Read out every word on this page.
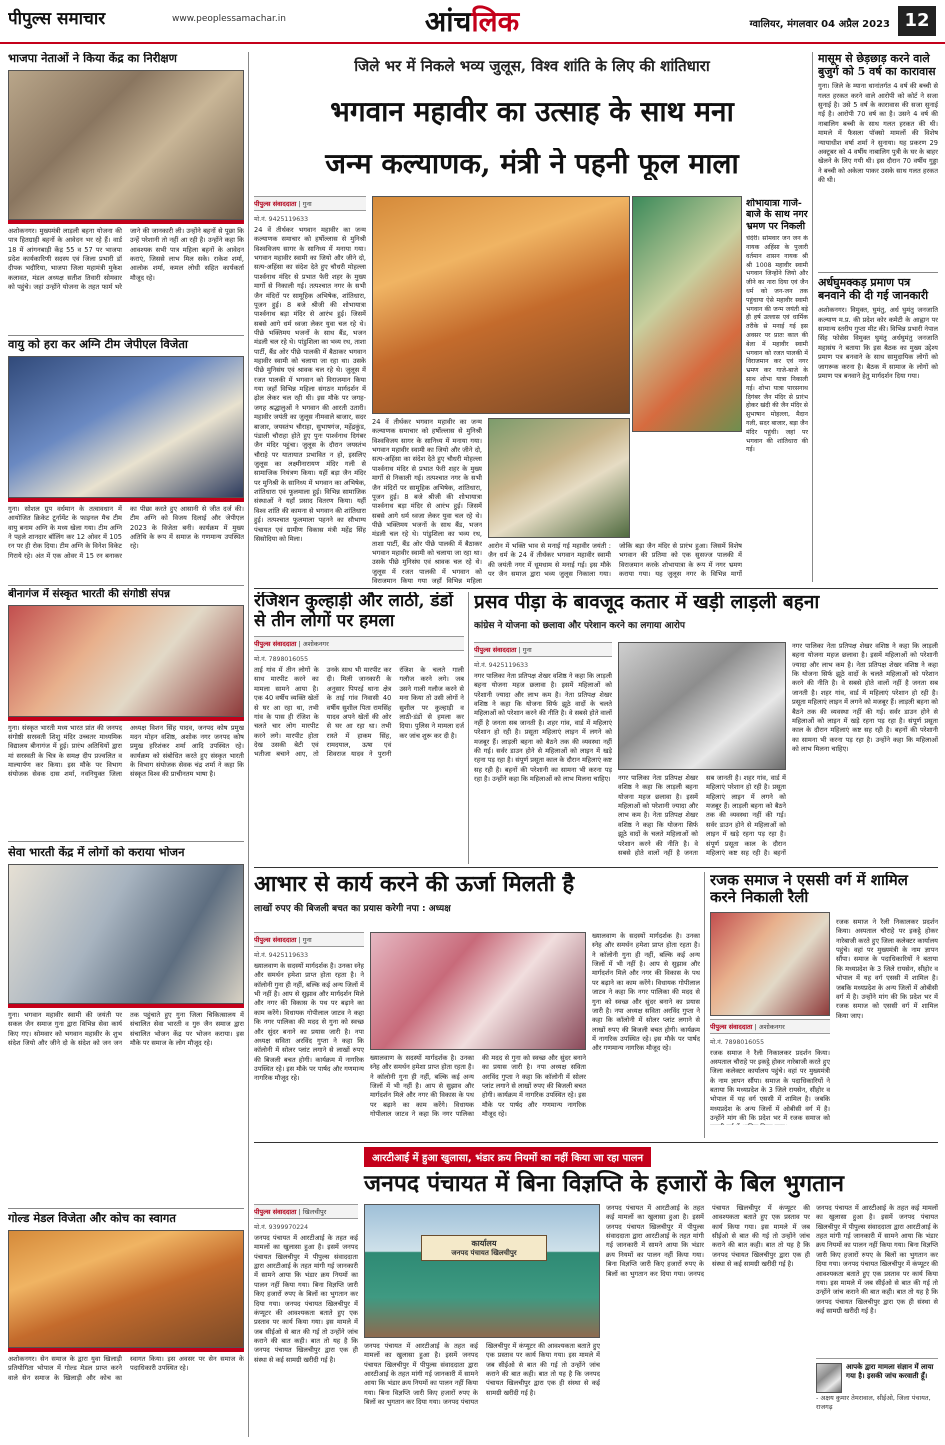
पीपुल्स समाचार	www.peoplessamachar.in	आंचलिक	ग्वालियर, मंगलवार 04 अप्रैल 2023 12
भाजपा नेताओं ने किया केंद्र का निरीक्षण
अशोकनगर। मुख्यमंत्री लाड़ली बहना योजना की पात्र हितग्राही बहनों के आवेदन भर रहे हैं। वार्ड 18 में आंगनबाड़ी केंद्र 55 व 57 पर भाजपा प्रदेश कार्यकारिणी सदस्य एवं जिला प्रभारी डॉ दीपक भदौरिया, भाजपा जिला महामंत्री मुकेश कलावत, मंडल अध्यक्ष सतीश तिवारी सोमवार को पहुंचे। जहां उन्होंने योजना के तहत फार्म भरे जाने की जानकारी ली। उन्होंने बहनों से पूछा कि उन्हें परेशानी तो नहीं आ रही है। उन्होंने कहा कि आवश्यक सभी पात्र महिला बहनों के आवेदन कराएं, जिससे लाभ मिल सके। राकेश शर्मा, आलोक शर्मा, कमल लोधी सहित कार्यकर्ता मौजूद रहे।
वायु को हरा कर अग्नि टीम जेपीएल विजेता
गुना। सोशल ग्रुप वर्धमान के तत्वावधान में आयोजित क्रिकेट टूर्नामेंट के फाइनल मैच टीम वायु बनाम अग्नि के मध्य खेला गया। टीम अग्नि ने पहले शानदार बॉलिंग कर 12 ओवर में 105 रन पर ही रोक दिया। टीम अग्नि के विनेश विकेट गिराये रहे। अंत में एक ओवर में 15 रन बनाकर का पीछा करते हुए आसानी से जीत दर्ज की। टीम अग्नि को विजय दिलाई और जेपीएल 2023 के विजेता बनी। कार्यक्रम में मुख्य अतिथि के रूप में समाज के गणमान्य उपस्थित रहे।
बीनागंज में संस्कृत भारती की संगोष्ठी संपन्न
गुना। संस्कृत भारती मध्य भारत प्रांत की जनपद संगोष्ठी सरस्वती शिशु मंदिर उच्चतर माध्यमिक विद्यालय बीनागंज में हुई। प्रारंभ अतिथियों द्वारा मां सरस्वती के चित्र के समक्ष दीप प्रज्वलित व माल्यार्पण कर किया। इस मौके पर विभाग संयोजक सेवक दास शर्मा, नवनियुक्त जिला अध्यक्ष विशन सिंह यादव, जनपद कोष प्रमुख मदन मोहन वशिष्ठ, अशोक नगर जनपद कोष प्रमुख हरिशंकर शर्मा आदि उपस्थित रहे। कार्यक्रम को संबोधित करते हुए संस्कृत भारती के विभाग संयोजक सेवक चंद्र शर्मा ने कहा कि संस्कृत विश्व की प्राचीनतम भाषा है।
सेवा भारती केंद्र में लोगों को कराया भोजन
गुना। भगवान महावीर स्वामी की जयंती पर सकल जैन समाज गुना द्वारा विभिन्न सेवा कार्य किए गए। सोमवार को भगवान महावीर के शुभ संदेश जियो और जीने दो के संदेश को जन जन तक पहुंचाते हुए गुना जिला चिकित्सालय में संचालित सेवा भारती व गुरु जैन समाज द्वारा संचालित भोजन केंद्र पर भोजन कराया। इस मौके पर समाज के लोग मौजूद रहे।
गोल्ड मेडल विजेता और कोच का स्वागत
अशोकनगर। सेन समाज के द्वारा युवा खिलाड़ी प्रतियोगिता भोपाल में गोल्ड मेडल प्राप्त करने वाले सेन समाज के खिलाड़ी और कोच का स्वागत किया। इस अवसर पर सेन समाज के पदाधिकारी उपस्थित रहे।
जिले भर में निकले भव्य जुलूस, विश्व शांति के लिए की शांतिधारा
भगवान महावीर का उत्साह के साथ मना
जन्म कल्याणक, मंत्री ने पहनी फूल माला
पीपुल्स संवाददाता | गुना
मो.नं. 9425119633
24 वें तीर्थकर भगवान महावीर का जन्म कल्याणक समाचार को हर्षोल्लास से मुनिश्री विश्वविजय सागर के सानिध्य में मनाया गया। भगवान महावीर स्वामी का जियो और जीने दो, सत्य-अहिंसा का संदेश देते हुए चौधरी मोहल्ला पार्श्वनाथ मंदिर से प्रभात फेरी शहर के मुख्य मार्गो से निकाली गई। तत्पश्चात नगर के सभी जैन मंदिरों पर सामूहिक अभिषेक, शांतिधारा, पूजन हुई। 8 बजे श्रीजी की शोभायात्रा पार्श्वनाथ बड़ा मंदिर से आरंभ हुई। जिसमें सबसे आगे धर्म ध्वजा लेकर युवा चल रहे थे। पीछे भक्तिमय भजनों के साथ बैंड, भजन मंडली चल रहे थे। पांडुशिला का भव्य रथ, ताशा पार्टी, बैंड ओर पीछे पालकी में बैठाकर भगवान महावीर स्वामी को चलाया जा रहा था। उसके पीछे मुनिसंघ एवं श्रावक चल रहे थे। जुलूस में रजत पालकी में भगवान को विराजमान किया गया जहाँ विभिन्न महिला संगठन मार्गदर्शन में ढ़ोल लेकर चल रही थी। इस मौके पर जगह-जगह श्रद्धालुओं ने भगवान की आरती उतारी। महावीर जयंती का जुलूस नीमवाले बाजार, सदर बाजार, जयस्तंभ चौराहा, सुभाषगंज, महेंद्रकुंड, पंडाली चौराहा होते हुए पुनः पार्श्वनाथ दिगंबर जैन मंदिर पहुंचा। जुलूस के दौरान जयस्तंभ चौराहे पर यातायात प्रभावित न हो, इसलिए जुलूस का लक्ष्मीनारायण मंदिर गली से सामाजिक नियंत्रण किया। यहीं बड़ा जैन मंदिर पर मुनिश्री के सानिध्य में भगवान का अभिषेक, शांतिधारा एवं फूलमाला हुई। विभिन्न सामाजिक संस्थाओं ने यहाँ प्रसाद वितरण किया। यहीं विश्व शांति की कामना से भगवान की शांतिधारा हुई। तत्पश्चात फूलमाला पहनने का सौभाग्य पंचायत एवं ग्रामीण विकास मंत्री महेंद्र सिंह सिसोदिया को मिला।
24 वें तीर्थकर भगवान महावीर का जन्म कल्याणक समाचार को हर्षोल्लास से मुनिश्री विश्वविजय सागर के सानिध्य में मनाया गया। भगवान महावीर स्वामी का जियो और जीने दो, सत्य-अहिंसा का संदेश देते हुए चौधरी मोहल्ला पार्श्वनाथ मंदिर से प्रभात फेरी शहर के मुख्य मार्गो से निकाली गई। तत्पश्चात नगर के सभी जैन मंदिरों पर सामूहिक अभिषेक, शांतिधारा, पूजन हुई। 8 बजे श्रीजी की शोभायात्रा पार्श्वनाथ बड़ा मंदिर से आरंभ हुई। जिसमें सबसे आगे धर्म ध्वजा लेकर युवा चल रहे थे। पीछे भक्तिमय भजनों के साथ बैंड, भजन मंडली चल रहे थे। पांडुशिला का भव्य रथ, ताशा पार्टी, बैंड ओर पीछे पालकी में बैठाकर भगवान महावीर स्वामी को चलाया जा रहा था। उसके पीछे मुनिसंघ एवं श्रावक चल रहे थे। जुलूस में रजत पालकी में भगवान को विराजमान किया गया जहाँ विभिन्न महिला
आरोन में भक्ति भाव से मनाई गई महावीर जयंती : जैन धर्म के 24 वें तीर्थंकर भगवान महावीर स्वामी की जयंती नगर में धूमधाम से मनाई गई। इस मौके पर जैन समाज द्वारा भव्य जुलूस निकाला गया। जोकि बड़ा जैन मंदिर से प्रारंभ हुआ। जिसमें विशेष भगवान की प्रतिमा को एक सुसज्ज पालकी में विराजमान करके शोभायात्रा के रूप में नगर भ्रमण कराया गया। यह जुलूस नगर के विभिन्न मार्गो
शोभायात्रा गाजे-बाजे के साथ नगर भ्रमण पर निकली
चंदेरी। सोमवार जन जन के नायक अहिंसा के पुजारी वर्तमान शासन नायक श्री श्री 1008 महावीर स्वामी भगवान जिन्होंने जियो और जीने का नारा दिया एवं जैन धर्म को जन-जन तक पहुंचाया ऐसे महावीर स्वामी भगवान की जन्म जयंती बड़े ही हर्ष उल्लास एवं धार्मिक तरीके से मनाई गई इस अवसर पर प्रातः काल की बेला में महावीर स्वामी भगवान को रजत पालकी में विराजमान कर एवं नगर भ्रमण कर गाजे-बाजे के साथ शोभा यात्रा निकाली गई। शोभा यात्रा पारसनाथ दिगंबर जैन मंदिर से प्रारंभ होकर खंदी की जैन मंदिर से सुभाषान मोहल्ला, मैदान गली, सदर बाजार, बड़ा जैन मंदिर पहुंची। जहां पर भगवान की शांतिधारा की गई।
मासूम से छेड़छाड़ करने वाले बुजुर्ग को 5 वर्ष का कारावास
गुना। जिले के म्याना थानांतर्गत 4 वर्ष की बच्ची से गलत हरकत करने वाले आरोपी को कोर्ट ने सजा सुनाई है। उसे 5 वर्ष के कारावास की सजा सुनाई गई है। आरोपी 70 वर्ष का है। उसने 4 वर्ष की नाबालिग बच्ची के साथ गलत हरकत की थी। मामले में फैसला पॉक्सो मामलों की विशेष न्यायाधीश वर्षा शर्मा ने सुनाया। यह प्रकरण 29 अक्टूबर को 4 वर्षीय नाबालिग पुत्री के घर के बाहर खेलने के लिए गयी थी। इस दौरान 70 वर्षीय गुड्डा ने बच्ची को अकेला पाकर उसके साथ गलत हरकत की थी।
अर्धघुमक्कड़ प्रमाण पत्र बनवाने की दी गई जानकारी
अशोकनगर। विमुक्त, घुमंतु, अर्ध घुमंतु जनजाति कल्याण म.प्र. की प्रदेश कोर कमेटी के आह्वान पर सामान्य स्तरीय गुप्ता मीट की। विभिन्न प्रभारी नेपाल सिंह फोसेस विमुक्त घुमंतु अर्धघुमंतु जनजाति महासंघ ने बताया कि इस बैठक का मुख्य उद्देश्य प्रमाण पत्र बनवाने के साथ सामुदायिक लोगों को जागरूक करना है। बैठक में सामाज के लोगों को प्रमाण पत्र बनवाने हेतु मार्गदर्शन दिया गया।
रंजिशन कुल्हाड़ी और लाठी, डंडों से तीन लोगों पर हमला
पीपुल्स संवाददाता | अशोकनगर
मो.नं. 7898016055
ताई गांव में तीन लोगों के साथ मारपीट करने का मामला सामने आया है। एक 40 वर्षीय व्यक्ति खेतों से घर आ रहा था, तभी गांव के पास ही रंजिश के चलते चार लोग मारपीट करने लगे। मारपीट होता देख उसकी बेटी एवं भतीजा बचाने आए, तो उनके साथ भी मारपीट कर दी। मिली जानकारी के अनुसार पिपरई थाना क्षेत्र के ताई गांव निवासी 40 वर्षीय सुशील पिता रामसिंह यादव अपने खेतों की ओर से घर आ रहा था। तभी रास्ते में हाकम सिंह, रामदयाल, ऊषा एवं शिवराज यादव ने पुरानी रंजिश के चलते गाली गलौज करने लगे। जब उसने गाली गलौज करने से मना किया तो उसी लोगों ने सुशील पर कुल्हाड़ी व लाठी-डंडों से हमला कर दिया। पुलिस ने मामला दर्ज कर जांच शुरू कर दी है।
प्रसव पीड़ा के बावजूद कतार में खड़ी लाड़ली बहना
कांग्रेस ने योजना को छलावा और परेशान करने का लगाया आरोप
पीपुल्स संवाददाता | गुना
मो.नं. 9425119633
नगर पालिका नेता प्रतिपक्ष शेखर वशिष्ठ ने कहा कि लाड़ली बहना योजना महज छलावा है। इसमें महिलाओं को परेशानी ज्यादा और लाभ कम है। नेता प्रतिपक्ष शेखर वशिष्ठ ने कहा कि योजना सिर्फ झूठे वादों के चलते महिलाओं को परेशान करने की नीति है। वे सबसे होते वालों नहीं है जनता सब जानती है। शहर गांव, वार्ड में महिलाएं परेशान हो रही है। प्रसूता महिलाएं लाइन में लगने को मजबूर हैं। लाड़ली बहना को बैठने तक की व्यवस्था नहीं की गई। सर्वर डाउन होने से महिलाओं को लाइन में खड़े रहना पड़ रहा है। संपूर्ण प्रसूता काल के दौरान महिलाएं कष्ट सह रही है। बहनों की परेशानी का सामना भी करना पड़ रहा है। उन्होंने कहा कि महिलाओं को लाभ मिलना चाहिए।
नगर पालिका नेता प्रतिपक्ष शेखर वशिष्ठ ने कहा कि लाड़ली बहना योजना महज छलावा है। इसमें महिलाओं को परेशानी ज्यादा और लाभ कम है। नेता प्रतिपक्ष शेखर वशिष्ठ ने कहा कि योजना सिर्फ झूठे वादों के चलते महिलाओं को परेशान करने की नीति है। वे सबसे होते वालों नहीं है जनता सब जानती है। शहर गांव, वार्ड में महिलाएं परेशान हो रही है। प्रसूता महिलाएं लाइन में लगने को मजबूर हैं। लाड़ली बहना को बैठने तक की व्यवस्था नहीं की गई। सर्वर डाउन होने से महिलाओं को लाइन में खड़े रहना पड़ रहा है। संपूर्ण प्रसूता काल के दौरान महिलाएं कष्ट सह रही है। बहनों की परेशानी का सामना भी करना पड़ रहा है। उन्होंने कहा कि महिलाओं को लाभ मिलना चाहिए।
नगर पालिका नेता प्रतिपक्ष शेखर वशिष्ठ ने कहा कि लाड़ली बहना योजना महज छलावा है। इसमें महिलाओं को परेशानी ज्यादा और लाभ कम है। नेता प्रतिपक्ष शेखर वशिष्ठ ने कहा कि योजना सिर्फ झूठे वादों के चलते महिलाओं को परेशान करने की नीति है। वे सबसे होते वालों नहीं है जनता सब जानती है। शहर गांव, वार्ड में महिलाएं परेशान हो रही है। प्रसूता महिलाएं लाइन में लगने को मजबूर हैं। लाड़ली बहना को बैठने तक की व्यवस्था नहीं की गई। सर्वर डाउन होने से महिलाओं को लाइन में खड़े रहना पड़ रहा है। संपूर्ण प्रसूता काल के दौरान महिलाएं कष्ट सह रही है। बहनों
आभार से कार्य करने की ऊर्जा मिलती है
लाखों रुपए की बिजली बचत का प्रयास करेगी नपा : अध्यक्ष
पीपुल्स संवाददाता | गुना
मो.नं. 9425119633
ख्यालवाण के सदस्यों मार्गदर्शक है। उनका स्नेह और समर्थन हमेशा प्राप्त होता रहता है। ने कॉलोनी गुना ही नहीं, बल्कि कई अन्य जिलों में भी नहीं है। आप से सुझाव और मार्गदर्शन मिले और नगर की विकास के पथ पर बढ़ाने का काम करेंगे। विधायक गोपीलाल जाटव ने कहा कि नगर पालिका की मदद से गुना को स्वच्छ और सुंदर बनाने का प्रयास जारी है। नपा अध्यक्ष सविता अरविंद गुप्ता ने कहा कि कॉलोनी में सोलर प्लांट लगाने से लाखों रुपए की बिजली बचत होगी। कार्यक्रम में नागरिक उपस्थित रहे। इस मौके पर पार्षद और गणमान्य नागरिक मौजूद रहे।
ख्यालवाण के सदस्यों मार्गदर्शक है। उनका स्नेह और समर्थन हमेशा प्राप्त होता रहता है। ने कॉलोनी गुना ही नहीं, बल्कि कई अन्य जिलों में भी नहीं है। आप से सुझाव और मार्गदर्शन मिले और नगर की विकास के पथ पर बढ़ाने का काम करेंगे। विधायक गोपीलाल जाटव ने कहा कि नगर पालिका की मदद से गुना को स्वच्छ और सुंदर बनाने का प्रयास जारी है। नपा अध्यक्ष सविता अरविंद गुप्ता ने कहा कि कॉलोनी में सोलर प्लांट लगाने से लाखों रुपए की बिजली बचत होगी। कार्यक्रम में नागरिक उपस्थित रहे। इस मौके पर पार्षद और गणमान्य नागरिक मौजूद रहे।
ख्यालवाण के सदस्यों मार्गदर्शक है। उनका स्नेह और समर्थन हमेशा प्राप्त होता रहता है। ने कॉलोनी गुना ही नहीं, बल्कि कई अन्य जिलों में भी नहीं है। आप से सुझाव और मार्गदर्शन मिले और नगर की विकास के पथ पर बढ़ाने का काम करेंगे। विधायक गोपीलाल जाटव ने कहा कि नगर पालिका की मदद से गुना को स्वच्छ और सुंदर बनाने का प्रयास जारी है। नपा अध्यक्ष सविता अरविंद गुप्ता ने कहा कि कॉलोनी में सोलर प्लांट लगाने से लाखों रुपए की बिजली बचत होगी। कार्यक्रम में नागरिक उपस्थित रहे। इस मौके पर पार्षद और गणमान्य नागरिक मौजूद रहे।
रजक समाज ने एससी वर्ग में शामिल करने निकाली रैली
पीपुल्स संवाददाता | अशोकनगर
मो.नं. 7898016055
रजक समाज ने रैली निकालकर प्रदर्शन किया। अस्पताल चौराहे पर इकट्ठे होकर नारेबाजी करते हुए जिला कलेक्टर कार्यालय पहुंचे। वहां पर मुख्यमंत्री के नाम ज्ञापन सौंपा। समाज के पदाधिकारियों ने बताया कि मध्यप्रदेश के 3 जिले रायसेन, सीहोर व भोपाल में यह वर्ग एससी में शामिल है। जबकि मध्यप्रदेश के अन्य जिलों में ओबीसी वर्ग में है। उन्होंने मांग की कि प्रदेश भर में रजक समाज को
रजक समाज ने रैली निकालकर प्रदर्शन किया। अस्पताल चौराहे पर इकट्ठे होकर नारेबाजी करते हुए जिला कलेक्टर कार्यालय पहुंचे। वहां पर मुख्यमंत्री के नाम ज्ञापन सौंपा। समाज के पदाधिकारियों ने बताया कि मध्यप्रदेश के 3 जिले रायसेन, सीहोर व भोपाल में यह वर्ग एससी में शामिल है। जबकि मध्यप्रदेश के अन्य जिलों में ओबीसी वर्ग में है। उन्होंने मांग की कि प्रदेश भर में रजक समाज को एससी वर्ग में शामिल किया जाए।
आरटीआई में हुआ खुलासा, भंडार क्रय नियमों का नहीं किया जा रहा पालन
जनपद पंचायत में बिना विज्ञप्ति के हजारों के बिल भुगतान
पीपुल्स संवाददाता | खिलचीपुर
मो.नं. 9399970224
जनपद पंचायत में आरटीआई के तहत कई मामलों का खुलासा हुआ है। इसमें जनपद पंचायत खिलचीपुर में पीपुल्स संवाददाता द्वारा आरटीआई के तहत मांगी गई जानकारी में सामने आया कि भंडार क्रय नियमों का पालन नहीं किया गया। बिना विज्ञप्ति जारी किए हजारों रुपए के बिलों का भुगतान कर दिया गया। जनपद पंचायत खिलचीपुर में कंप्यूटर की आवश्यकता बताते हुए एक प्रस्ताव पर कार्य किया गया। इस मामले में जब सीईओ से बात की गई तो उन्होंने जांच कराने की बात कही। बात तो यह है कि जनपद पंचायत खिलचीपुर द्वारा एक ही संस्था से कई सामग्री खरीदी गई है।
कार्यालय
जनपद पंचायत खिलचीपुर
जनपद पंचायत में आरटीआई के तहत कई मामलों का खुलासा हुआ है। इसमें जनपद पंचायत खिलचीपुर में पीपुल्स संवाददाता द्वारा आरटीआई के तहत मांगी गई जानकारी में सामने आया कि भंडार क्रय नियमों का पालन नहीं किया गया। बिना विज्ञप्ति जारी किए हजारों रुपए के बिलों का भुगतान कर दिया गया। जनपद पंचायत खिलचीपुर में कंप्यूटर की आवश्यकता बताते हुए एक प्रस्ताव पर कार्य किया गया। इस मामले में जब सीईओ से बात की गई तो उन्होंने जांच कराने की बात कही। बात तो यह है कि जनपद पंचायत खिलचीपुर द्वारा एक ही संस्था से कई सामग्री खरीदी गई है।
जनपद पंचायत में आरटीआई के तहत कई मामलों का खुलासा हुआ है। इसमें जनपद पंचायत खिलचीपुर में पीपुल्स संवाददाता द्वारा आरटीआई के तहत मांगी गई जानकारी में सामने आया कि भंडार क्रय नियमों का पालन नहीं किया गया। बिना विज्ञप्ति जारी किए हजारों रुपए के बिलों का भुगतान कर दिया गया। जनपद पंचायत खिलचीपुर में कंप्यूटर की आवश्यकता बताते हुए एक प्रस्ताव पर कार्य किया गया। इस मामले में जब सीईओ से बात की गई तो उन्होंने जांच कराने की बात कही। बात तो यह है कि जनपद पंचायत खिलचीपुर द्वारा एक ही संस्था से कई सामग्री खरीदी गई है।
जनपद पंचायत में आरटीआई के तहत कई मामलों का खुलासा हुआ है। इसमें जनपद पंचायत खिलचीपुर में पीपुल्स संवाददाता द्वारा आरटीआई के तहत मांगी गई जानकारी में सामने आया कि भंडार क्रय नियमों का पालन नहीं किया गया। बिना विज्ञप्ति जारी किए हजारों रुपए के बिलों का भुगतान कर दिया गया। जनपद पंचायत खिलचीपुर में कंप्यूटर की आवश्यकता बताते हुए एक प्रस्ताव पर कार्य किया गया। इस मामले में जब सीईओ से बात की गई तो उन्होंने जांच कराने की बात कही। बात तो यह है कि जनपद पंचायत खिलचीपुर द्वारा एक ही संस्था से कई सामग्री खरीदी गई है।
आपके द्वारा मामला संज्ञान में लाया गया है। इसकी जांच करवाती हूँ।
- अक्षय कुमार तेमरावाल, सीईओ, जिला पंचायत, राजगढ़
